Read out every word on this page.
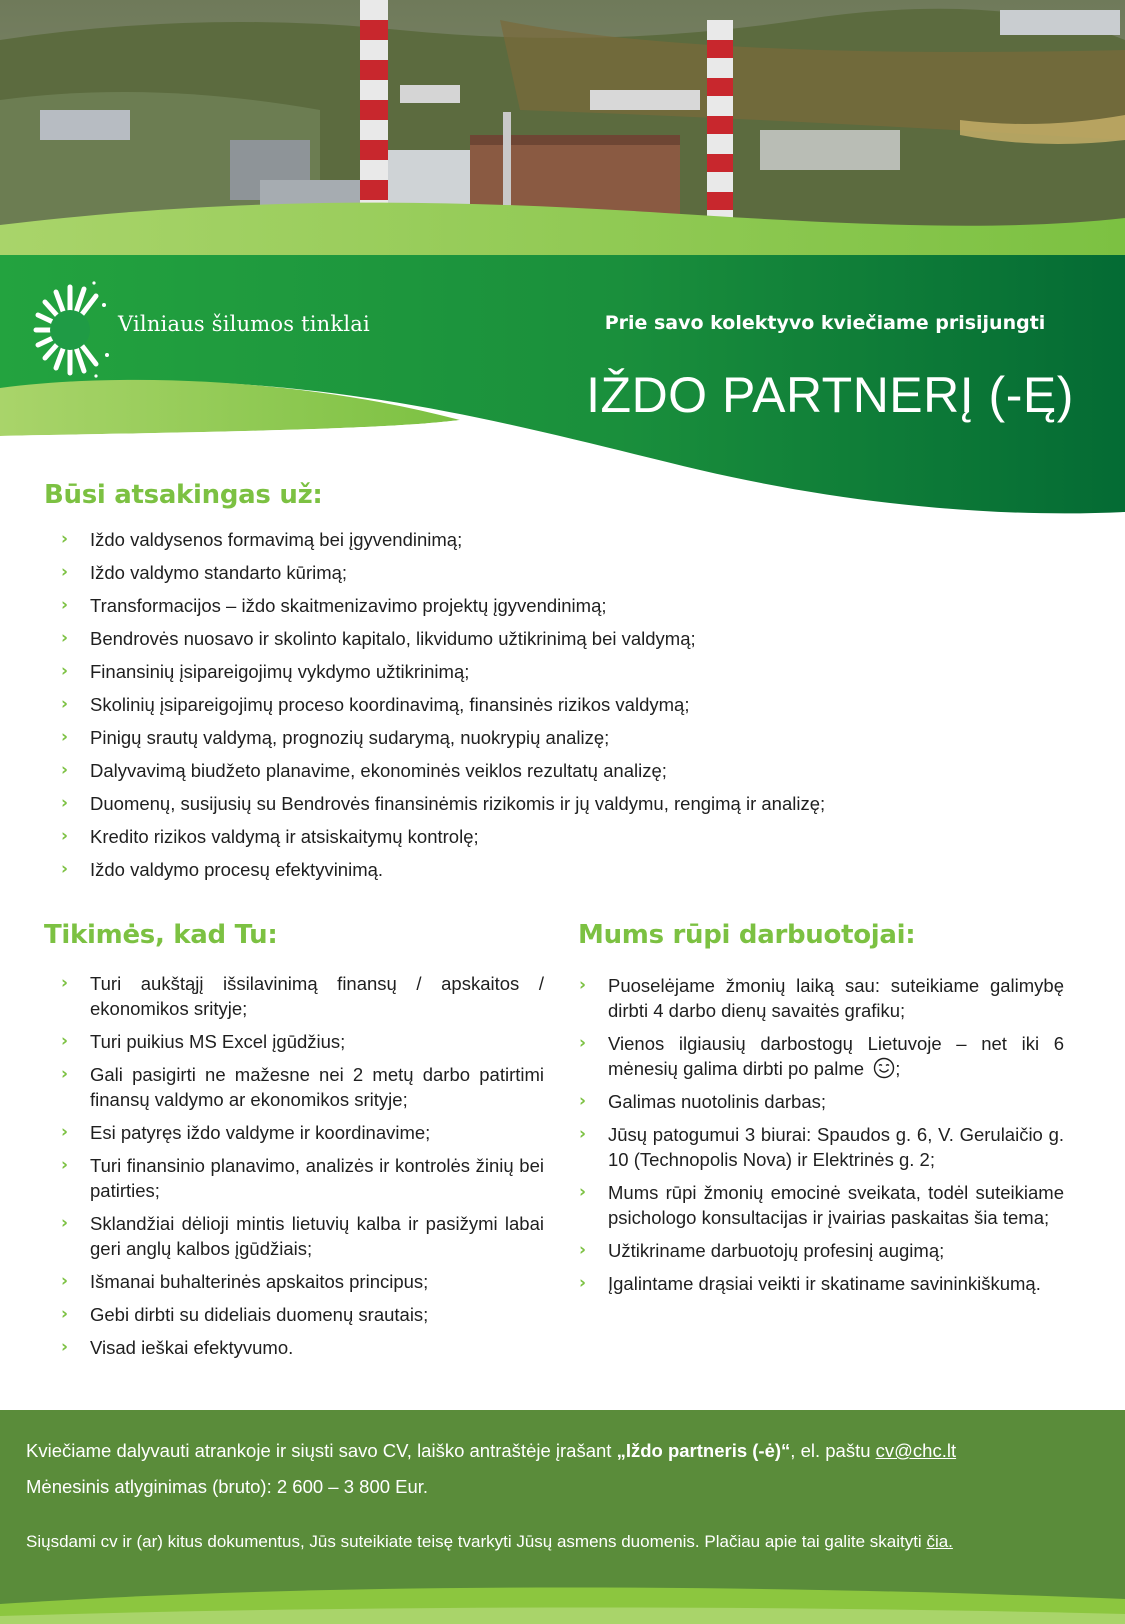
Vilniaus šilumos tinklai	Prie savo kolektyvo kviečiame prisijungti
IŽDO PARTNERĮ (-Ę)
Būsi atsakingas už:
› Iždo valdysenos formavimą bei įgyvendinimą;
› Iždo valdymo standarto kūrimą;
› Transformacijos – iždo skaitmenizavimo projektų įgyvendinimą;
› Bendrovės nuosavo ir skolinto kapitalo, likvidumo užtikrinimą bei valdymą;
› Finansinių įsipareigojimų vykdymo užtikrinimą;
› Skolinių įsipareigojimų proceso koordinavimą, finansinės rizikos valdymą;
› Pinigų srautų valdymą, prognozių sudarymą, nuokrypių analizę;
› Dalyvavimą biudžeto planavime, ekonominės veiklos rezultatų analizę;
› Duomenų, susijusių su Bendrovės finansinėmis rizikomis ir jų valdymu, rengimą ir analizę;
› Kredito rizikos valdymą ir atsiskaitymų kontrolę;
› Iždo valdymo procesų efektyvinimą.
Tikimės, kad Tu:
› Turi aukštąjį išsilavinimą finansų / apskaitos / ekonomikos srityje;
› Turi puikius MS Excel įgūdžius;
› Gali pasigirti ne mažesne nei 2 metų darbo patirtimi finansų valdymo ar ekonomikos srityje;
› Esi patyręs iždo valdyme ir koordinavime;
› Turi finansinio planavimo, analizės ir kontrolės žinių bei patirties;
› Sklandžiai dėlioji mintis lietuvių kalba ir pasižymi labai geri anglų kalbos įgūdžiais;
› Išmanai buhalterinės apskaitos principus;
› Gebi dirbti su dideliais duomenų srautais;
› Visad ieškai efektyvumo.
Mums rūpi darbuotojai:
› Puoselėjame žmonių laiką sau: suteikiame galimybę dirbti 4 darbo dienų savaitės grafiku;
› Vienos ilgiausių darbostogų Lietuvoje – net iki 6 mėnesių galima dirbti po palme ;
› Galimas nuotolinis darbas;
› Jūsų patogumui 3 biurai: Spaudos g. 6, V. Gerulaičio g. 10 (Technopolis Nova) ir Elektrinės g. 2;
› Mums rūpi žmonių emocinė sveikata, todėl suteikiame psichologo konsultacijas ir įvairias paskaitas šia tema;
› Užtikriname darbuotojų profesinį augimą;
› Įgalintame drąsiai veikti ir skatiname savininkiškumą.

Kviečiame dalyvauti atrankoje ir siųsti savo CV, laiško antraštėje įrašant „Iždo partneris (-ė)“, el. paštu cv@chc.lt

Mėnesinis atlyginimas (bruto): 2 600 – 3 800 Eur.

Siųsdami cv ir (ar) kitus dokumentus, Jūs suteikiate teisę tvarkyti Jūsų asmens duomenis. Plačiau apie tai galite skaityti čia.
